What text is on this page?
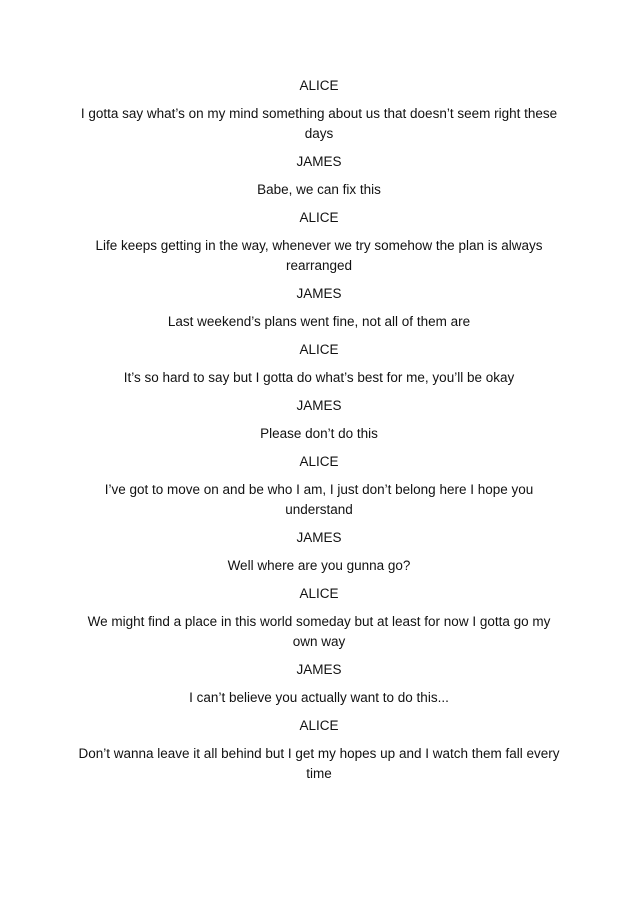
ALICE
I gotta say what’s on my mind something about us that doesn’t seem right these days
JAMES
Babe, we can fix this
ALICE
Life keeps getting in the way, whenever we try somehow the plan is always rearranged
JAMES
Last weekend’s plans went fine, not all of them are
ALICE
It’s so hard to say but I gotta do what’s best for me, you’ll be okay
JAMES
Please don’t do this
ALICE
I’ve got to move on and be who I am, I just don’t belong here I hope you understand
JAMES
Well where are you gunna go?
ALICE
We might find a place in this world someday but at least for now I gotta go my own way
JAMES
I can’t believe you actually want to do this...
ALICE
Don’t wanna leave it all behind but I get my hopes up and I watch them fall every time
